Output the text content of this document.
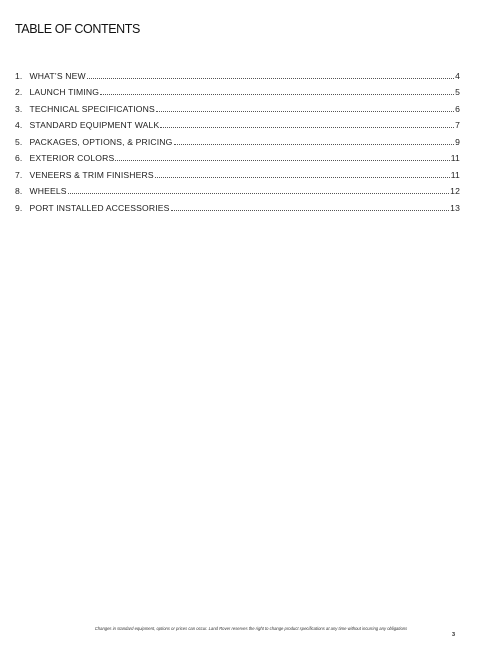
TABLE OF CONTENTS
1. WHAT’S NEW	4
2. LAUNCH TIMING	5
3. TECHNICAL SPECIFICATIONS	6
4. STANDARD EQUIPMENT WALK	7
5. PACKAGES, OPTIONS, & PRICING	9
6. EXTERIOR COLORS	11
7. VENEERS & TRIM FINISHERS	11
8. WHEELS	12
9. PORT INSTALLED ACCESSORIES	13

Changes in standard equipment, options or prices can occur. Land Rover reserves the right to change product specifications at any time without incurring any obligations

3
